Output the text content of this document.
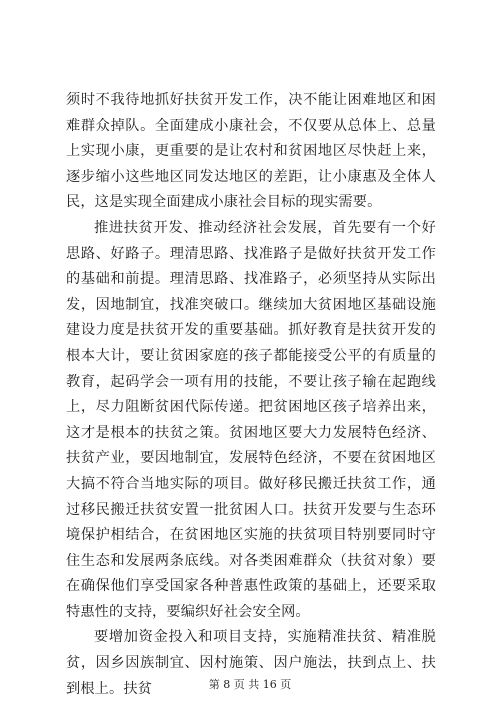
须时不我待地抓好扶贫开发工作，决不能让困难地区和困难群众掉队。全面建成小康社会，不仅要从总体上、总量上实现小康，更重要的是让农村和贫困地区尽快赶上来，逐步缩小这些地区同发达地区的差距，让小康惠及全体人民，这是实现全面建成小康社会目标的现实需要。

推进扶贫开发、推动经济社会发展，首先要有一个好思路、好路子。理清思路、找准路子是做好扶贫开发工作的基础和前提。理清思路、找准路子，必须坚持从实际出发，因地制宜，找准突破口。继续加大贫困地区基础设施建设力度是扶贫开发的重要基础。抓好教育是扶贫开发的根本大计，要让贫困家庭的孩子都能接受公平的有质量的教育，起码学会一项有用的技能，不要让孩子输在起跑线上，尽力阻断贫困代际传递。把贫困地区孩子培养出来，这才是根本的扶贫之策。贫困地区要大力发展特色经济、扶贫产业，要因地制宜，发展特色经济，不要在贫困地区大搞不符合当地实际的项目。做好移民搬迁扶贫工作，通过移民搬迁扶贫安置一批贫困人口。扶贫开发要与生态环境保护相结合，在贫困地区实施的扶贫项目特别要同时守住生态和发展两条底线。对各类困难群众（扶贫对象）要在确保他们享受国家各种普惠性政策的基础上，还要采取特惠性的支持，要编织好社会安全网。

要增加资金投入和项目支持，实施精准扶贫、精准脱贫，因乡因族制宜、因村施策、因户施法，扶到点上、扶到根上。扶贫	第 8 页 共 16 页
